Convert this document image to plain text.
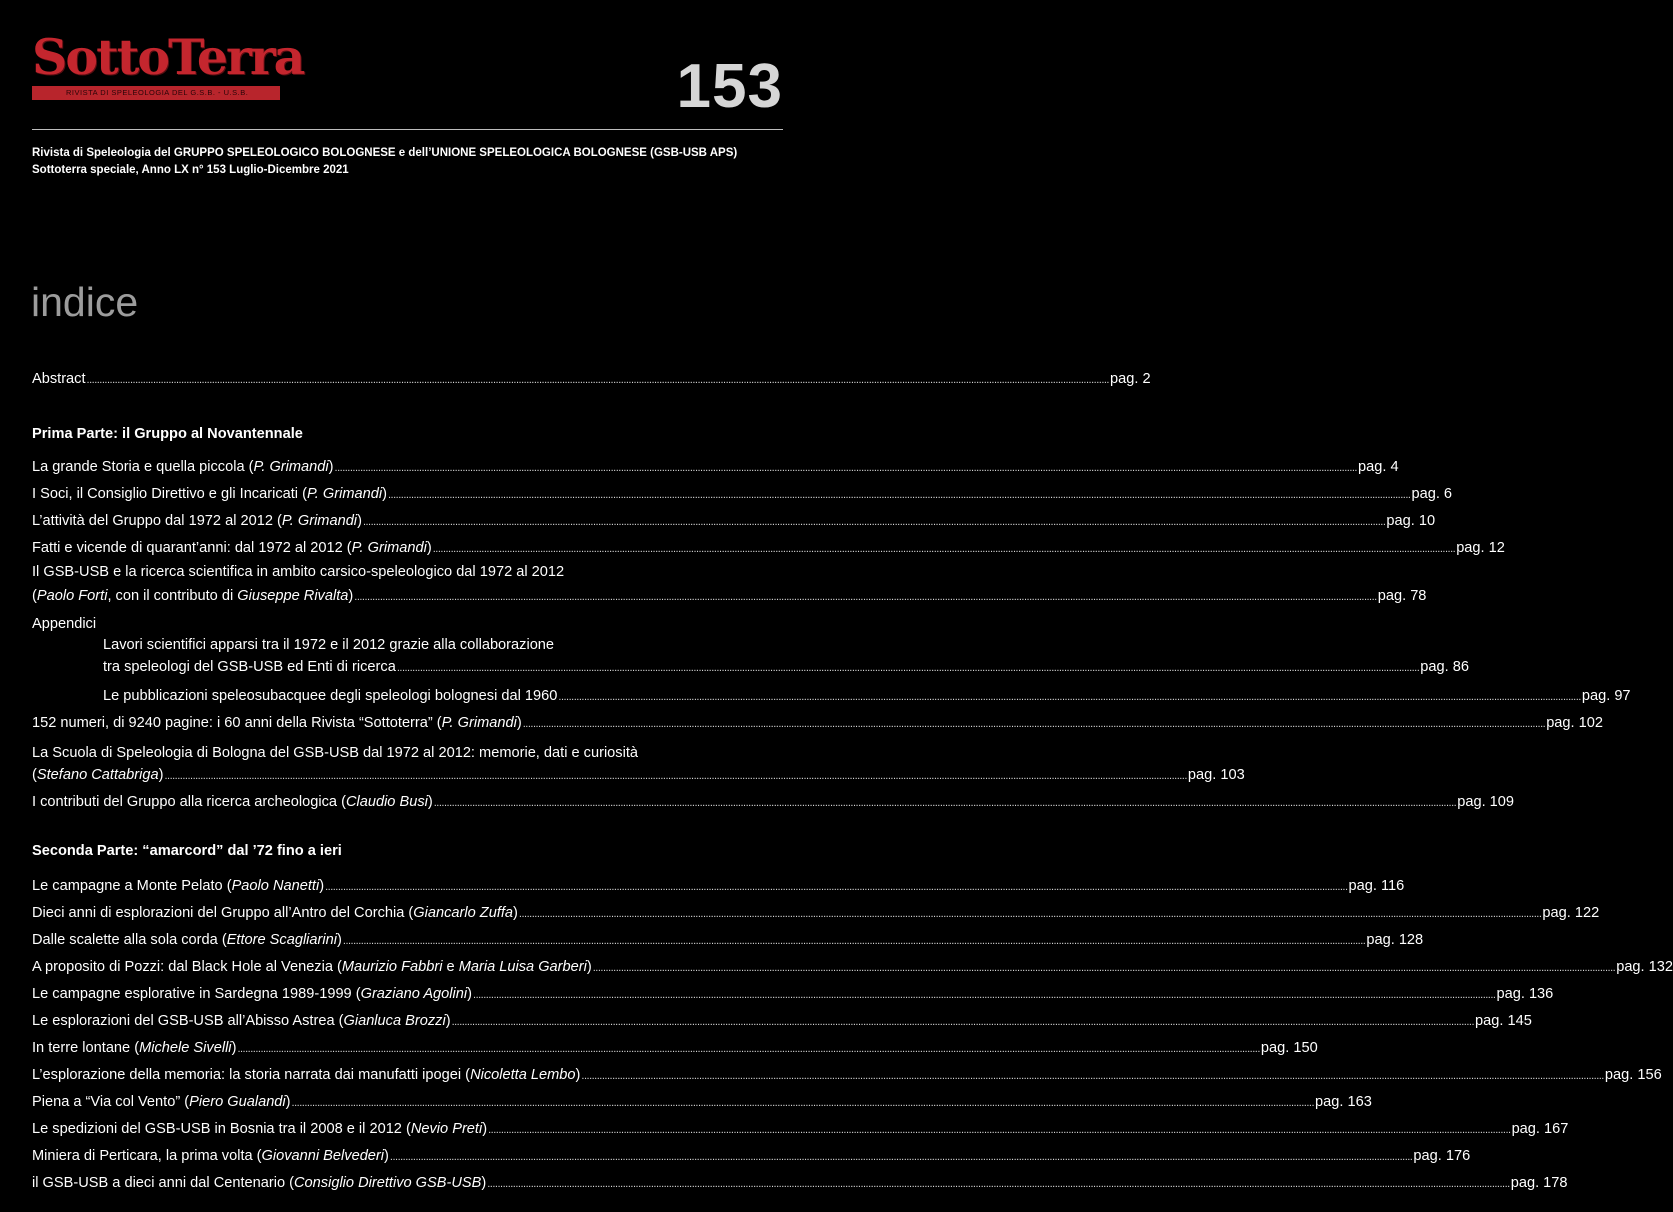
SottoTerra
RIVISTA DI SPELEOLOGIA DEL G.S.B. - U.S.B.	153
Rivista di Speleologia del GRUPPO SPELEOLOGICO BOLOGNESE e dell’UNIONE SPELEOLOGICA BOLOGNESE (GSB-USB APS)
Sottoterra speciale, Anno LX n° 153 Luglio-Dicembre 2021
indice
Abstract ................................................................................................................................................................................................................................................................................................................................................................................................................ pag. 2
Prima Parte: il Gruppo al Novantennale
La grande Storia e quella piccola (P. Grimandi) ................................................................................................................................................................................................................................................................................................................................................................................................................ pag. 4
I Soci, il Consiglio Direttivo e gli Incaricati (P. Grimandi) ................................................................................................................................................................................................................................................................................................................................................................................................................ pag. 6
L’attività del Gruppo dal 1972 al 2012 (P. Grimandi) ................................................................................................................................................................................................................................................................................................................................................................................................................ pag. 10
Fatti e vicende di quarant’anni: dal 1972 al 2012 (P. Grimandi) ................................................................................................................................................................................................................................................................................................................................................................................................................ pag. 12
Il GSB-USB e la ricerca scientifica in ambito carsico-speleologico dal 1972 al 2012
(Paolo Forti, con il contributo di Giuseppe Rivalta) ................................................................................................................................................................................................................................................................................................................................................................................................................ pag. 78
Appendici
Lavori scientifici apparsi tra il 1972 e il 2012 grazie alla collaborazione
tra speleologi del GSB-USB ed Enti di ricerca ................................................................................................................................................................................................................................................................................................................................................................................................................ pag. 86
Le pubblicazioni speleosubacquee degli speleologi bolognesi dal 1960 ................................................................................................................................................................................................................................................................................................................................................................................................................ pag. 97
152 numeri, di 9240 pagine: i 60 anni della Rivista “Sottoterra” (P. Grimandi) ................................................................................................................................................................................................................................................................................................................................................................................................................ pag. 102
La Scuola di Speleologia di Bologna del GSB-USB dal 1972 al 2012: memorie, dati e curiosità
(Stefano Cattabriga) ................................................................................................................................................................................................................................................................................................................................................................................................................ pag. 103
I contributi del Gruppo alla ricerca archeologica (Claudio Busi) ................................................................................................................................................................................................................................................................................................................................................................................................................ pag. 109
Seconda Parte: “amarcord” dal ’72 fino a ieri
Le campagne a Monte Pelato (Paolo Nanetti) ................................................................................................................................................................................................................................................................................................................................................................................................................ pag. 116
Dieci anni di esplorazioni del Gruppo all’Antro del Corchia (Giancarlo Zuffa) ................................................................................................................................................................................................................................................................................................................................................................................................................ pag. 122
Dalle scalette alla sola corda (Ettore Scagliarini) ................................................................................................................................................................................................................................................................................................................................................................................................................ pag. 128
A proposito di Pozzi: dal Black Hole al Venezia (Maurizio Fabbri e Maria Luisa Garberi) ................................................................................................................................................................................................................................................................................................................................................................................................................ pag. 132
Le campagne esplorative in Sardegna 1989-1999 (Graziano Agolini) ................................................................................................................................................................................................................................................................................................................................................................................................................ pag. 136
Le esplorazioni del GSB-USB all’Abisso Astrea (Gianluca Brozzi) ................................................................................................................................................................................................................................................................................................................................................................................................................ pag. 145
In terre lontane (Michele Sivelli) ................................................................................................................................................................................................................................................................................................................................................................................................................ pag. 150
L’esplorazione della memoria: la storia narrata dai manufatti ipogei (Nicoletta Lembo) ................................................................................................................................................................................................................................................................................................................................................................................................................ pag. 156
Piena a “Via col Vento” (Piero Gualandi) ................................................................................................................................................................................................................................................................................................................................................................................................................ pag. 163
Le spedizioni del GSB-USB in Bosnia tra il 2008 e il 2012 (Nevio Preti) ................................................................................................................................................................................................................................................................................................................................................................................................................ pag. 167
Miniera di Perticara, la prima volta (Giovanni Belvederi) ................................................................................................................................................................................................................................................................................................................................................................................................................ pag. 176
il GSB-USB a dieci anni dal Centenario (Consiglio Direttivo GSB-USB) ................................................................................................................................................................................................................................................................................................................................................................................................................ pag. 178
